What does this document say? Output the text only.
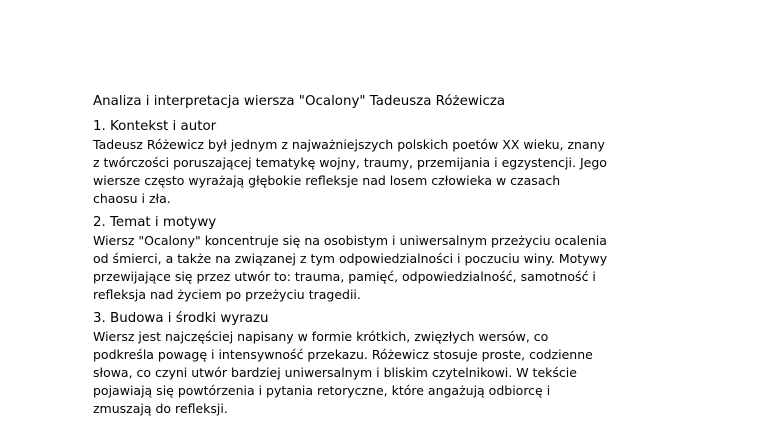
Analiza i interpretacja wiersza "Ocalony" Tadeusza Różewicza
1. Kontekst i autor
Tadeusz Różewicz był jednym z najważniejszych polskich poetów XX wieku, znany
z twórczości poruszającej tematykę wojny, traumy, przemijania i egzystencji. Jego
wiersze często wyrażają głębokie refleksje nad losem człowieka w czasach
chaosu i zła.
2. Temat i motywy
Wiersz "Ocalony" koncentruje się na osobistym i uniwersalnym przeżyciu ocalenia
od śmierci, a także na związanej z tym odpowiedzialności i poczuciu winy. Motywy
przewijające się przez utwór to: trauma, pamięć, odpowiedzialność, samotność i
refleksja nad życiem po przeżyciu tragedii.
3. Budowa i środki wyrazu
Wiersz jest najczęściej napisany w formie krótkich, zwięzłych wersów, co
podkreśla powagę i intensywność przekazu. Różewicz stosuje proste, codzienne
słowa, co czyni utwór bardziej uniwersalnym i bliskim czytelnikowi. W tekście
pojawiają się powtórzenia i pytania retoryczne, które angażują odbiorcę i
zmuszają do refleksji.
